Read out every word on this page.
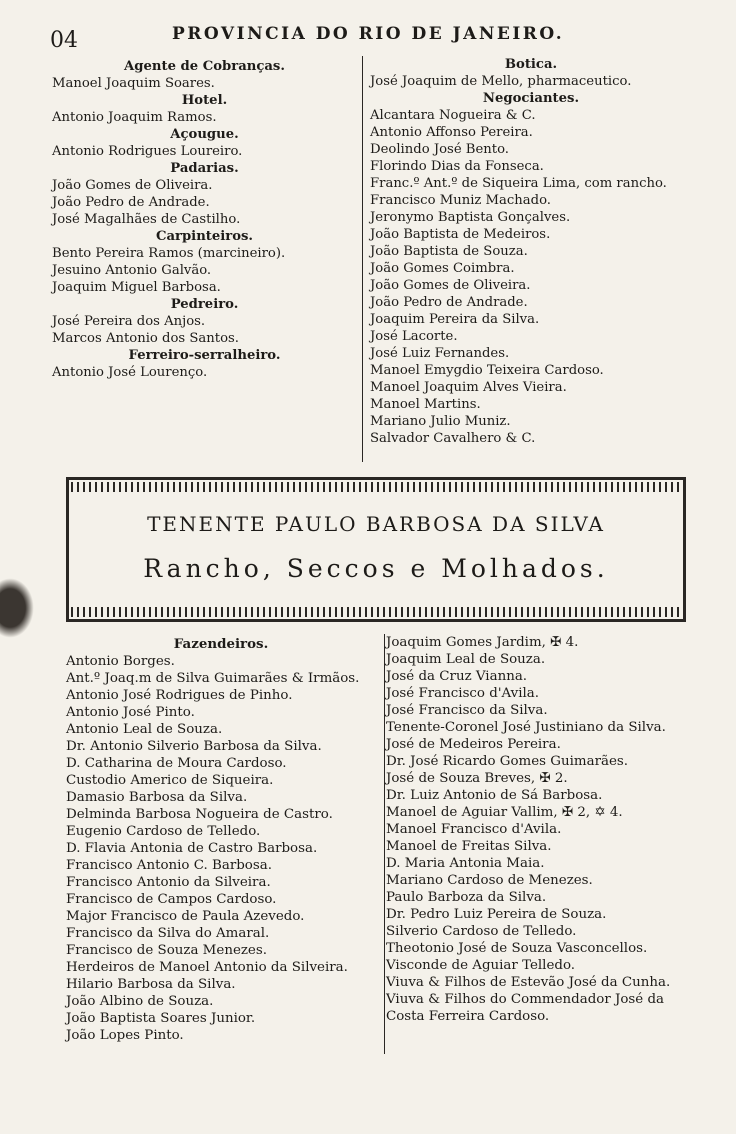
04	PROVINCIA DO RIO DE JANEIRO.
Agente de Cobranças.
Manoel Joaquim Soares.
Hotel.
Antonio Joaquim Ramos.
Açougue.
Antonio Rodrigues Loureiro.
Padarias.
João Gomes de Oliveira.
João Pedro de Andrade.
José Magalhães de Castilho.
Carpinteiros.
Bento Pereira Ramos (marcineiro).
Jesuino Antonio Galvão.
Joaquim Miguel Barbosa.
Pedreiro.
José Pereira dos Anjos.
Marcos Antonio dos Santos.
Ferreiro-serralheiro.
Antonio José Lourenço.
Botica.
José Joaquim de Mello, pharmaceutico.
Negociantes.
Alcantara Nogueira & C.
Antonio Affonso Pereira.
Deolindo José Bento.
Florindo Dias da Fonseca.
Franc.º Ant.º de Siqueira Lima, com rancho.
Francisco Muniz Machado.
Jeronymo Baptista Gonçalves.
João Baptista de Medeiros.
João Baptista de Souza.
João Gomes Coimbra.
João Gomes de Oliveira.
João Pedro de Andrade.
Joaquim Pereira da Silva.
José Lacorte.
José Luiz Fernandes.
Manoel Emygdio Teixeira Cardoso.
Manoel Joaquim Alves Vieira.
Manoel Martins.
Mariano Julio Muniz.
Salvador Cavalhero & C.
TENENTE PAULO BARBOSA DA SILVA
Rancho, Seccos e Molhados.
Fazendeiros.
Antonio Borges.
Ant.º Joaq.m de Silva Guimarães & Irmãos.
Antonio José Rodrigues de Pinho.
Antonio José Pinto.
Antonio Leal de Souza.
Dr. Antonio Silverio Barbosa da Silva.
D. Catharina de Moura Cardoso.
Custodio Americo de Siqueira.
Damasio Barbosa da Silva.
Delminda Barbosa Nogueira de Castro.
Eugenio Cardoso de Telledo.
D. Flavia Antonia de Castro Barbosa.
Francisco Antonio C. Barbosa.
Francisco Antonio da Silveira.
Francisco de Campos Cardoso.
Major Francisco de Paula Azevedo.
Francisco da Silva do Amaral.
Francisco de Souza Menezes.
Herdeiros de Manoel Antonio da Silveira.
Hilario Barbosa da Silva.
João Albino de Souza.
João Baptista Soares Junior.
João Lopes Pinto.
Joaquim Gomes Jardim, ✠ 4.
Joaquim Leal de Souza.
José da Cruz Vianna.
José Francisco d'Avila.
José Francisco da Silva.
Tenente-Coronel José Justiniano da Silva.
José de Medeiros Pereira.
Dr. José Ricardo Gomes Guimarães.
José de Souza Breves, ✠ 2.
Dr. Luiz Antonio de Sá Barbosa.
Manoel de Aguiar Vallim, ✠ 2, ✡ 4.
Manoel Francisco d'Avila.
Manoel de Freitas Silva.
D. Maria Antonia Maia.
Mariano Cardoso de Menezes.
Paulo Barboza da Silva.
Dr. Pedro Luiz Pereira de Souza.
Silverio Cardoso de Telledo.
Theotonio José de Souza Vasconcellos.
Visconde de Aguiar Telledo.
Viuva & Filhos de Estevão José da Cunha.
Viuva & Filhos do Commendador José da
Costa Ferreira Cardoso.
